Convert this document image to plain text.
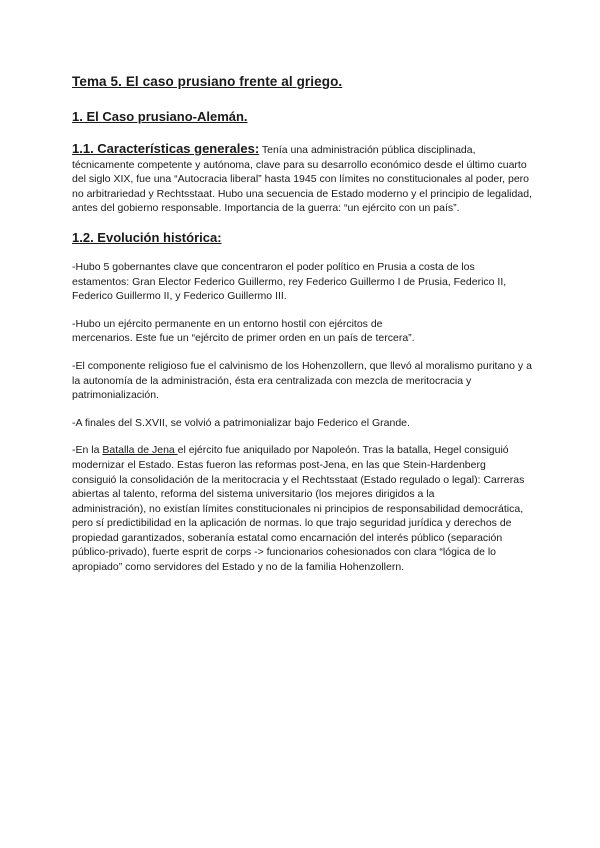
Tema 5. El caso prusiano frente al griego.
1. El Caso prusiano-Alemán.

1.1. Características generales: Tenía una administración pública disciplinada, técnicamente competente y autónoma, clave para su desarrollo económico desde el último cuarto del siglo XIX, fue una “Autocracia liberal” hasta 1945 con límites no constitucionales al poder, pero no arbitrariedad y Rechtsstaat. Hubo una secuencia de Estado moderno y el principio de legalidad, antes del gobierno responsable. Importancia de la guerra: “un ejército con un país”.

1.2. Evolución histórica:

-Hubo 5 gobernantes clave que concentraron el poder político en Prusia a costa de los estamentos: Gran Elector Federico Guillermo, rey Federico Guillermo I de Prusia, Federico II, Federico Guillermo II, y Federico Guillermo III.

-Hubo un ejército permanente en un entorno hostil con ejércitos de
mercenarios. Este fue un “ejército de primer orden en un país de tercera”.

-El componente religioso fue el calvinismo de los Hohenzollern, que llevó al moralismo puritano y a la autonomía de la administración, ésta era centralizada con mezcla de meritocracia y patrimonialización.

-A finales del S.XVII, se volvió a patrimonializar bajo Federico el Grande.

-En la Batalla de Jena el ejército fue aniquilado por Napoleón. Tras la batalla, Hegel consiguió modernizar el Estado. Estas fueron las reformas post-Jena, en las que Stein-Hardenberg consiguió la consolidación de la meritocracia y el Rechtsstaat (Estado regulado o legal): Carreras abiertas al talento, reforma del sistema universitario (los mejores dirigidos a la
administración), no existían límites constitucionales ni principios de responsabilidad democrática, pero sí predictibilidad en la aplicación de normas. lo que trajo seguridad jurídica y derechos de propiedad garantizados, soberanía estatal como encarnación del interés público (separación público-privado), fuerte esprit de corps -> funcionarios cohesionados con clara “lógica de lo apropiado” como servidores del Estado y no de la familia Hohenzollern.
